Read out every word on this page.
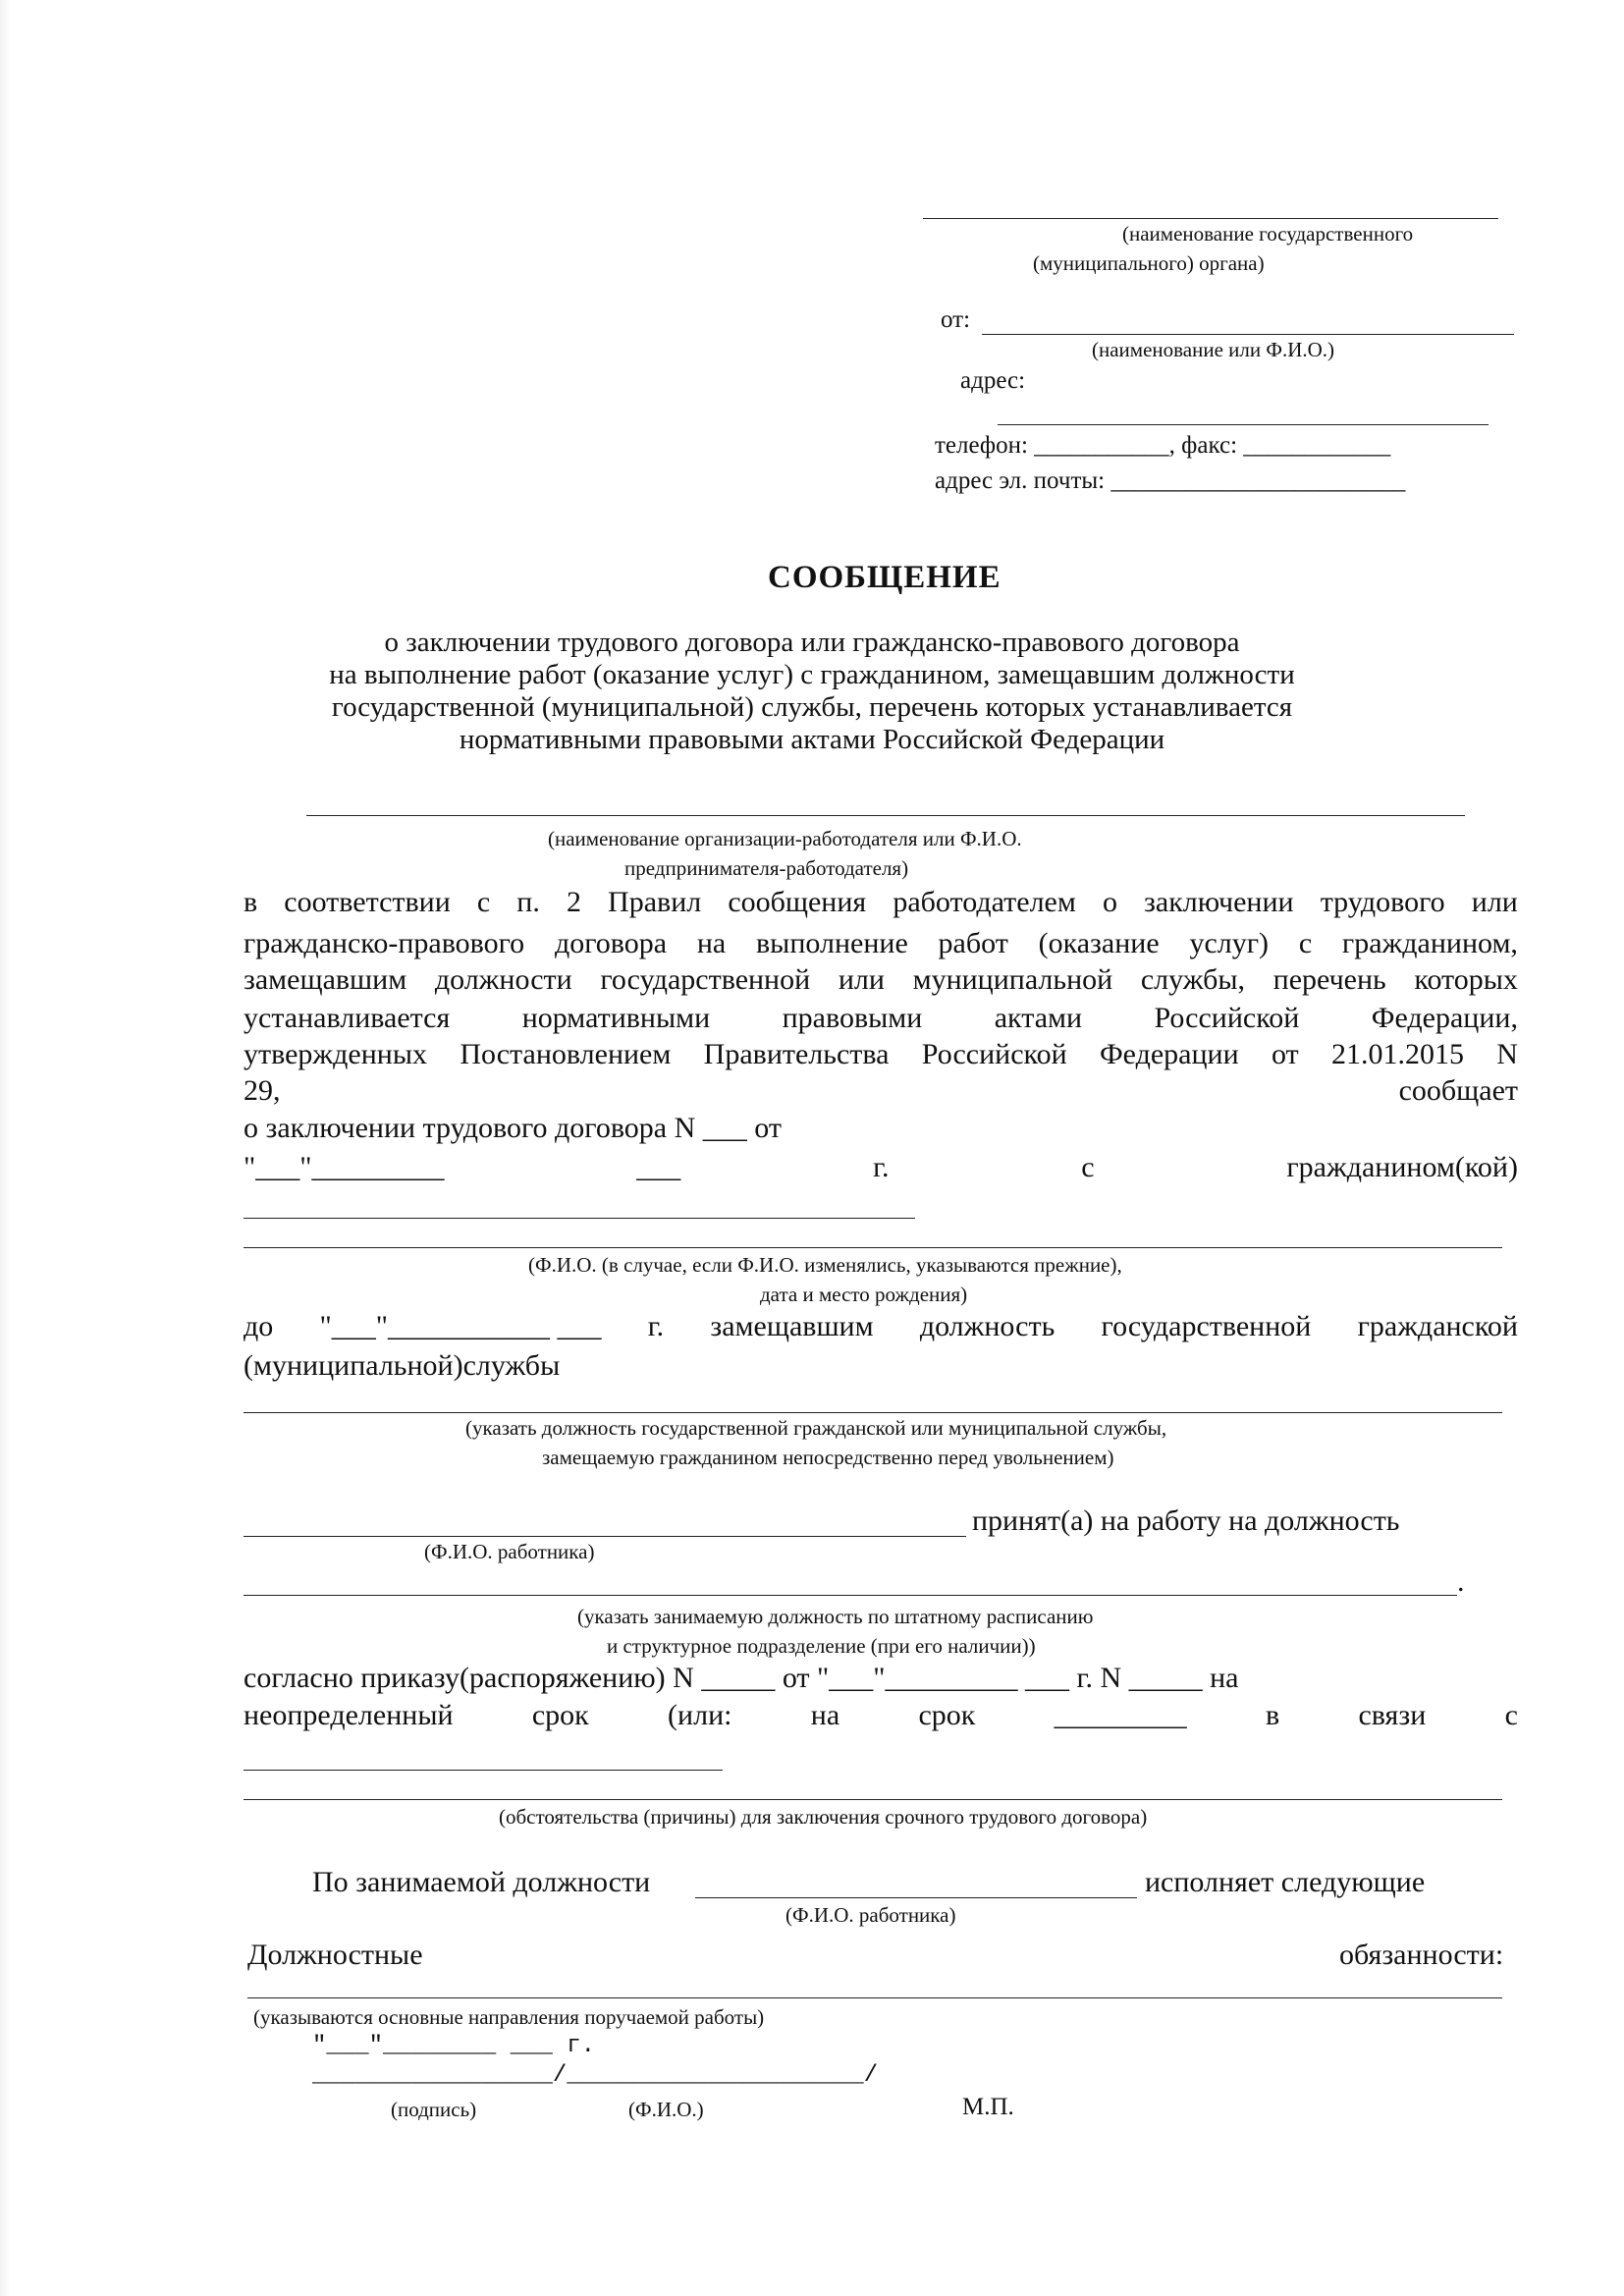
(наименование государственного
(муниципального) органа)
от:
(наименование или Ф.И.О.)
адрес:
телефон: ___________, факс: ____________
адрес эл. почты: ________________________
СООБЩЕНИЕ
о заключении трудового договора или гражданско-правового договора
на выполнение работ (оказание услуг) с гражданином, замещавшим должности
государственной (муниципальной) службы, перечень которых устанавливается
нормативными правовыми актами Российской Федерации
(наименование организации-работодателя или Ф.И.О.
предпринимателя-работодателя)
в соответствии с п. 2 Правил сообщения работодателем о заключении трудового или
гражданско-правового договора на выполнение работ (оказание услуг) с гражданином,
замещавшим должности государственной или муниципальной службы, перечень которых
устанавливается нормативными правовыми актами Российской Федерации,
утвержденных Постановлением Правительства Российской Федерации от 21.01.2015 N
29,	сообщает
о заключении трудового договора N ___ от
"___"_________	___	г.	с	гражданином(кой)
(Ф.И.О. (в случае, если Ф.И.О. изменялись, указываются прежние),
дата и место рождения)
до "___"___________ ___ г. замещавшим должность государственной гражданской
(муниципальной)службы
(указать должность государственной гражданской или муниципальной службы,
замещаемую гражданином непосредственно перед увольнением)
принят(а) на работу на должность
(Ф.И.О. работника)
.
(указать занимаемую должность по штатному расписанию
и структурное подразделение (при его наличии))
согласно приказу(распоряжению) N _____ от "___"_________ ___ г. N _____ на
неопределенный	срок	(или:	на	срок	_________	в	связи	с
(обстоятельства (причины) для заключения срочного трудового договора)
По занимаемой должности	исполняет следующие
(Ф.И.О. работника)
Должностные	обязанности:
(указываются основные направления поручаемой работы)
"___"________ ___ г.
_________________/_____________________/
(подпись)	(Ф.И.О.)	М.П.
